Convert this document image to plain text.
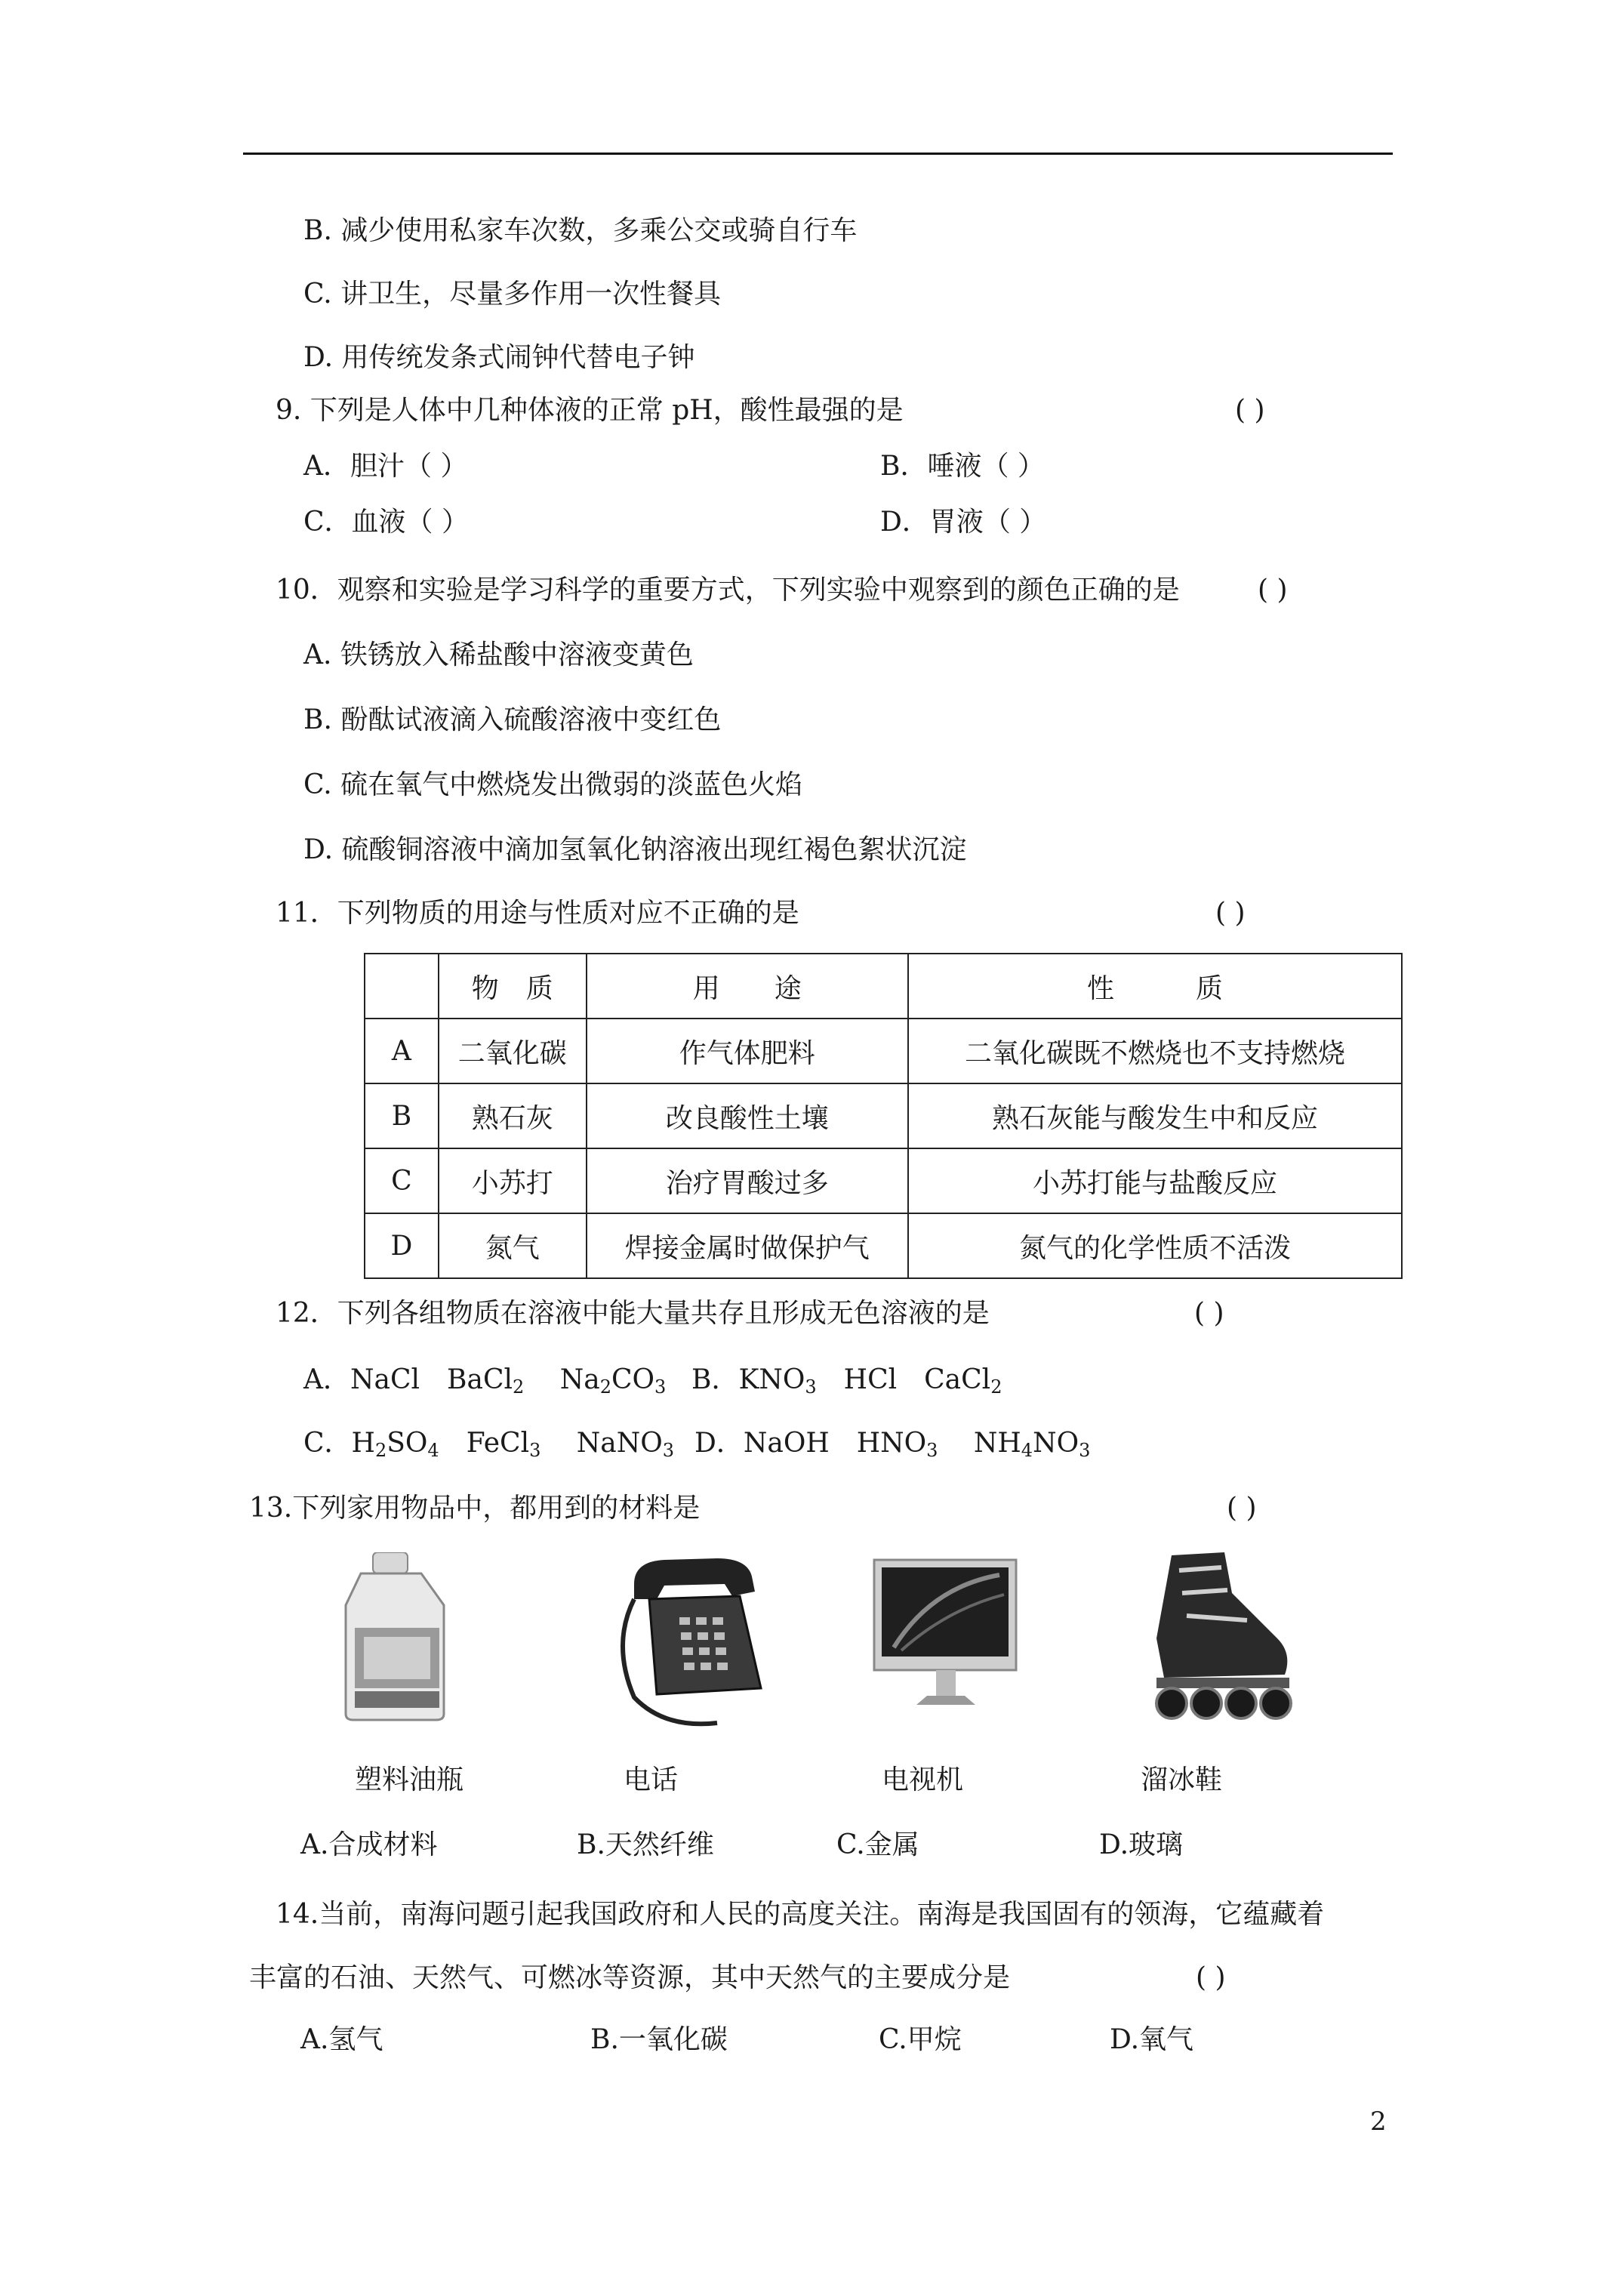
B. 减少使用私家车次数，多乘公交或骑自行车
C. 讲卫生，尽量多作用一次性餐具
D. 用传统发条式闹钟代替电子钟
9. 下列是人体中几种体液的正常 pH，酸性最强的是	( )
A．胆汁（ ）	B．唾液（ ）
C．血液（ ）	D．胃液（ ）
10．观察和实验是学习科学的重要方式，下列实验中观察到的颜色正确的是	( )
A. 铁锈放入稀盐酸中溶液变黄色
B. 酚酞试液滴入硫酸溶液中变红色
C. 硫在氧气中燃烧发出微弱的淡蓝色火焰
D. 硫酸铜溶液中滴加氢氧化钠溶液出现红褐色絮状沉淀
11．下列物质的用途与性质对应不正确的是	( )
	物　质	用　　途	性　　　质
A	二氧化碳	作气体肥料	二氧化碳既不燃烧也不支持燃烧
B	熟石灰	改良酸性土壤	熟石灰能与酸发生中和反应
C	小苏打	治疗胃酸过多	小苏打能与盐酸反应
D	氮气	焊接金属时做保护气	氮气的化学性质不活泼
12．下列各组物质在溶液中能大量共存且形成无色溶液的是	( )
A．NaCl　BaCl$_2$　 $Na_2CO_3$ B．$KNO_3$　HCl　CaCl$_2$
C．$H_2SO_4$　FeCl$_3$　 NaNO$_3$ D．NaOH　$HNO_3$　 $NH_4NO_3$
13.下列家用物品中，都用到的材料是	( )
塑料油瓶	电话	电视机	溜冰鞋
A.合成材料	B.天然纤维	C.金属	D.玻璃
14.当前，南海问题引起我国政府和人民的高度关注。南海是我国固有的领海，它蕴藏着
丰富的石油、天然气、可燃冰等资源，其中天然气的主要成分是	( )
A.氢气	B.一氧化碳	C.甲烷	D.氧气
2
